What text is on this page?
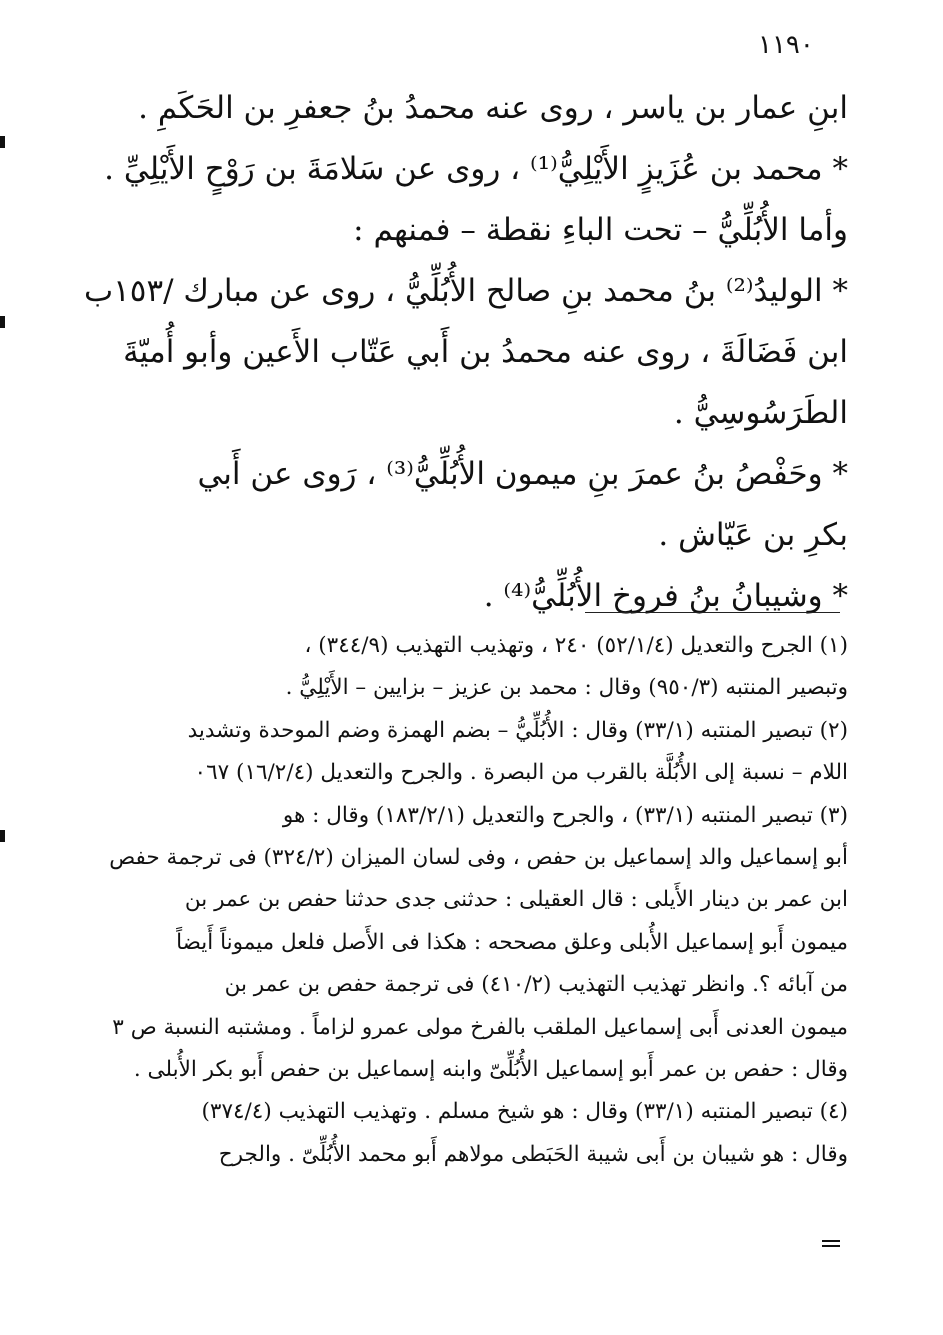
١١٩٠
ابنِ عمار بن ياسر ، روى عنه محمدُ بنُ جعفرِ بن الحَكَمِ .
* محمد بن عُزَيزٍ الأَيْلِيُّ⁽¹⁾ ، روى عن سَلامَةَ بن رَوْحٍ الأَيْلِيِّ .
وأما الأُبُلِّيُّ – تحت الباءِ نقطة – فمنهم :
* الوليدُ⁽²⁾ بنُ محمد بنِ صالح الأُبُلِّيُّ ، روى عن مبارك /١٥٣ب
ابن فَضَالَةَ ، روى عنه محمدُ بن أَبي عَتّاب الأَعين وأبو أُميّةَ
الطَرَسُوسِيُّ .
* وحَفْصُ بنُ عمرَ بنِ ميمون الأُبُلِّيُّ⁽³⁾ ، رَوى عن أَبي
بكرِ بن عَيّاش .
* وشيبانُ بنُ فروخ الأُبُلِّيُّ⁽⁴⁾ .
(١) الجرح والتعديل (٥٢/١/٤) ٢٤٠ ، وتهذيب التهذيب (٣٤٤/٩) ،
وتبصير المنتبه (٩٥٠/٣) وقال : محمد بن عزيز – بزايين – الأَيْلِيُّ .
(٢) تبصير المنتبه (٣٣/١) وقال : الأُبُلِّيُّ – بضم الهمزة وضم الموحدة وتشديد
اللام – نسبة إلى الأُبُلَّة بالقرب من البصرة . والجرح والتعديل (١٦/٢/٤) ٠٦٧
(٣) تبصير المنتبه (٣٣/١) ، والجرح والتعديل (١٨٣/٢/١) وقال : هو
أبو إسماعيل والد إسماعيل بن حفص ، وفى لسان الميزان (٣٢٤/٢) فى ترجمة حفص
ابن عمر بن دينار الأَيلى : قال العقيلى : حدثنى جدى حدثنا حفص بن عمر بن
ميمون أَبو إسماعيل الأُبلى وعلق مصححه : هكذا فى الأَصل فلعل ميموناً أَيضاً
من آبائه ؟. وانظر تهذيب التهذيب (٤١٠/٢) فى ترجمة حفص بن عمر بن
ميمون العدنى أَبى إسماعيل الملقب بالفرخ مولى عمرو لزاماً . ومشتبه النسبة ص ٣
وقال : حفص بن عمر أَبو إسماعيل الأُبُلِّىّ وابنه إسماعيل بن حفص أَبو بكر الأُبلى .
(٤) تبصير المنتبه (٣٣/١) وقال : هو شيخ مسلم . وتهذيب التهذيب (٣٧٤/٤)
وقال : هو شيبان بن أَبى شيبة الحَبَطى مولاهم أَبو محمد الأُبُلِّىّ . والجرح
